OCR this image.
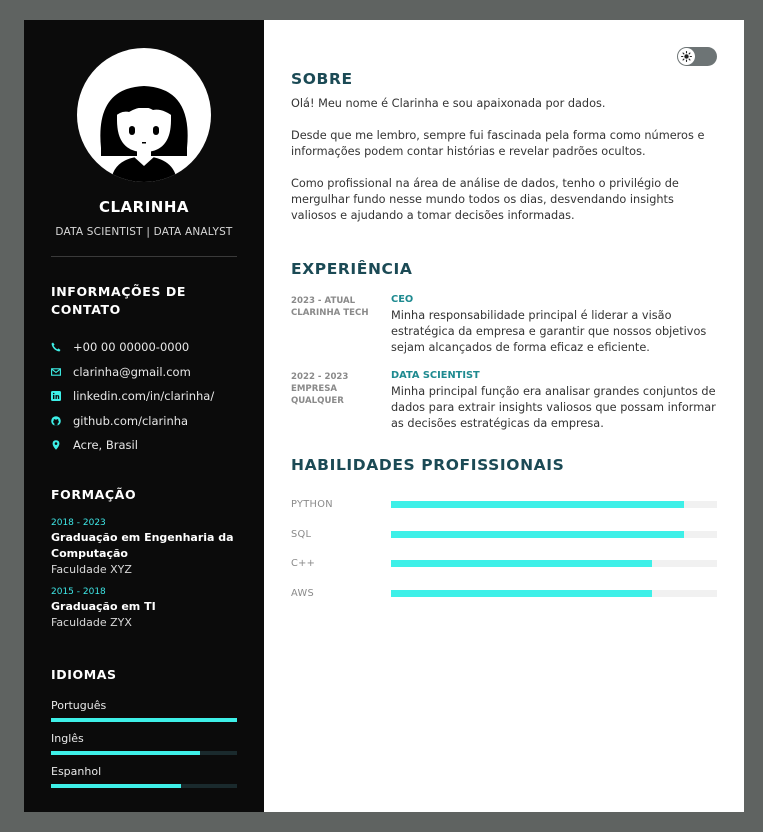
CLARINHA
DATA SCIENTIST | DATA ANALYST
INFORMAÇÕES DE CONTATO
+00 00 00000-0000
clarinha@gmail.com
linkedin.com/in/clarinha/
github.com/clarinha
Acre, Brasil
FORMAÇÃO
2018 - 2023
Graduação em Engenharia da Computação
Faculdade XYZ
2015 - 2018
Graduação em TI
Faculdade ZYX
IDIOMAS
Português
Inglês
Espanhol
SOBRE

Olá! Meu nome é Clarinha e sou apaixonada por dados.

Desde que me lembro, sempre fui fascinada pela forma como números e informações podem contar histórias e revelar padrões ocultos.

Como profissional na área de análise de dados, tenho o privilégio de mergulhar fundo nesse mundo todos os dias, desvendando insights valiosos e ajudando a tomar decisões informadas.

EXPERIÊNCIA
2023 - ATUAL
CLARINHA TECH
CEO
Minha responsabilidade principal é liderar a visão estratégica da empresa e garantir que nossos objetivos sejam alcançados de forma eficaz e eficiente.
2022 - 2023
EMPRESA QUALQUER
DATA SCIENTIST
Minha principal função era analisar grandes conjuntos de dados para extrair insights valiosos que possam informar as decisões estratégicas da empresa.
HABILIDADES PROFISSIONAIS
PYTHON
SQL
C++
AWS
